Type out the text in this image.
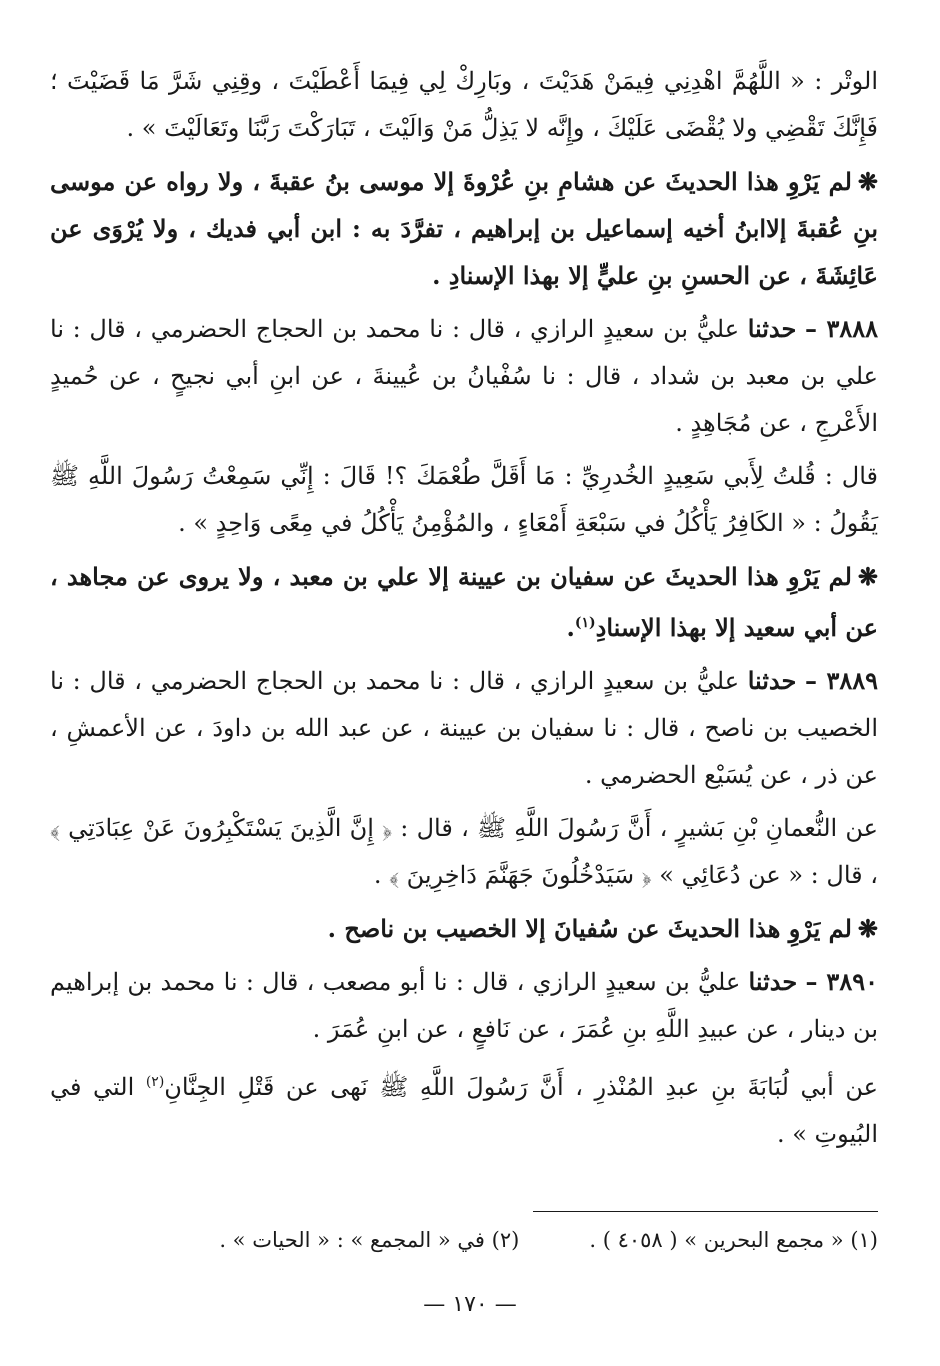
الوتْر : « اللَّهُمَّ اهْدِنِي فِيمَنْ هَدَيْتَ ، وبَارِكْ لِي فِيمَا أَعْطَيْتَ ، وقِنِي شَرَّ مَا قَضَيْتَ ؛ فَإِنَّكَ تَقْضِي ولا يُقْضَى عَلَيْكَ ، وإِنَّه لا يَذِلُّ مَنْ وَالَيْتَ ، تَبَارَكْتَ رَبَّنَا وتَعَالَيْتَ » .

❋لم يَرْوِ هذا الحديثَ عن هشامِ بنِ عُرْوةَ إلا موسى بنُ عقبةَ ، ولا رواه عن موسى بنِ عُقبةَ إلاابنُ أخيه إسماعيل بن إبراهيم ، تفرَّدَ به : ابن أبي فديك ، ولا يُرْوَى عن عَائِشَةَ ، عن الحسنِ بنِ عليٍّ إلا بهذا الإسنادِ .

٣٨٨٨ – حدثنا عليُّ بن سعيدٍ الرازي ، قال : نا محمد بن الحجاج الحضرمي ، قال : نا علي بن معبد بن شداد ، قال : نا سُفْيانُ بن عُيينةَ ، عن ابنِ أبي نجيحٍ ، عن حُميدٍ الأَعْرجِ ، عن مُجَاهِدٍ .

قال : قُلتُ لِأَبي سَعِيدٍ الخُدرِيِّ : مَا أَقَلَّ طُعْمَكَ ؟! قَالَ : إِنِّي سَمِعْتُ رَسُولَ اللَّهِ ﷺ يَقُولُ : « الكَافِرُ يَأْكُلُ في سَبْعَةِ أَمْعَاءٍ ، والمُؤْمِنُ يَأْكُلُ في مِعًى وَاحِدٍ » .

❋لم يَرْوِ هذا الحديثَ عن سفيان بن عيينة إلا علي بن معبد ، ولا يروى عن مجاهد ، عن أبي سعيد إلا بهذا الإسنادِ$^{(١)}$.

٣٨٨٩ – حدثنا عليُّ بن سعيدٍ الرازي ، قال : نا محمد بن الحجاج الحضرمي ، قال : نا الخصيب بن ناصح ، قال : نا سفيان بن عيينة ، عن عبد الله بن داودَ ، عن الأعمشِ ، عن ذر ، عن يُسَيْع الحضرمي .

عن النُّعمانِ بْنِ بَشيرٍ ، أَنَّ رَسُولَ اللَّهِ ﷺ ، قال : ﴿ إِنَّ الَّذِينَ يَسْتَكْبِرُونَ عَنْ عِبَادَتِي ﴾ ، قال : « عن دُعَائِي » ﴿ سَيَدْخُلُونَ جَهَنَّمَ دَاخِرِينَ ﴾ .

❋لم يَرْوِ هذا الحديثَ عن سُفيانَ إلا الخصيب بن ناصح .

٣٨٩٠ – حدثنا عليُّ بن سعيدٍ الرازي ، قال : نا أبو مصعب ، قال : نا محمد بن إبراهيم بن دينار ، عن عبيدِ اللَّهِ بنِ عُمَرَ ، عن نَافعٍ ، عن ابنِ عُمَرَ .

عن أبي لُبَابَةَ بنِ عبدِ المُنْذرِ ، أَنَّ رَسُولَ اللَّهِ ﷺ نَهى عن قَتْلِ الجِنَّانِ$^{(٢)}$ التي في البُيوتِ » .

(١) « مجمع البحرين » ( ٤٠٥٨ ) .
(٢) في « المجمع » : « الحيات » .
— ١٧٠ —
